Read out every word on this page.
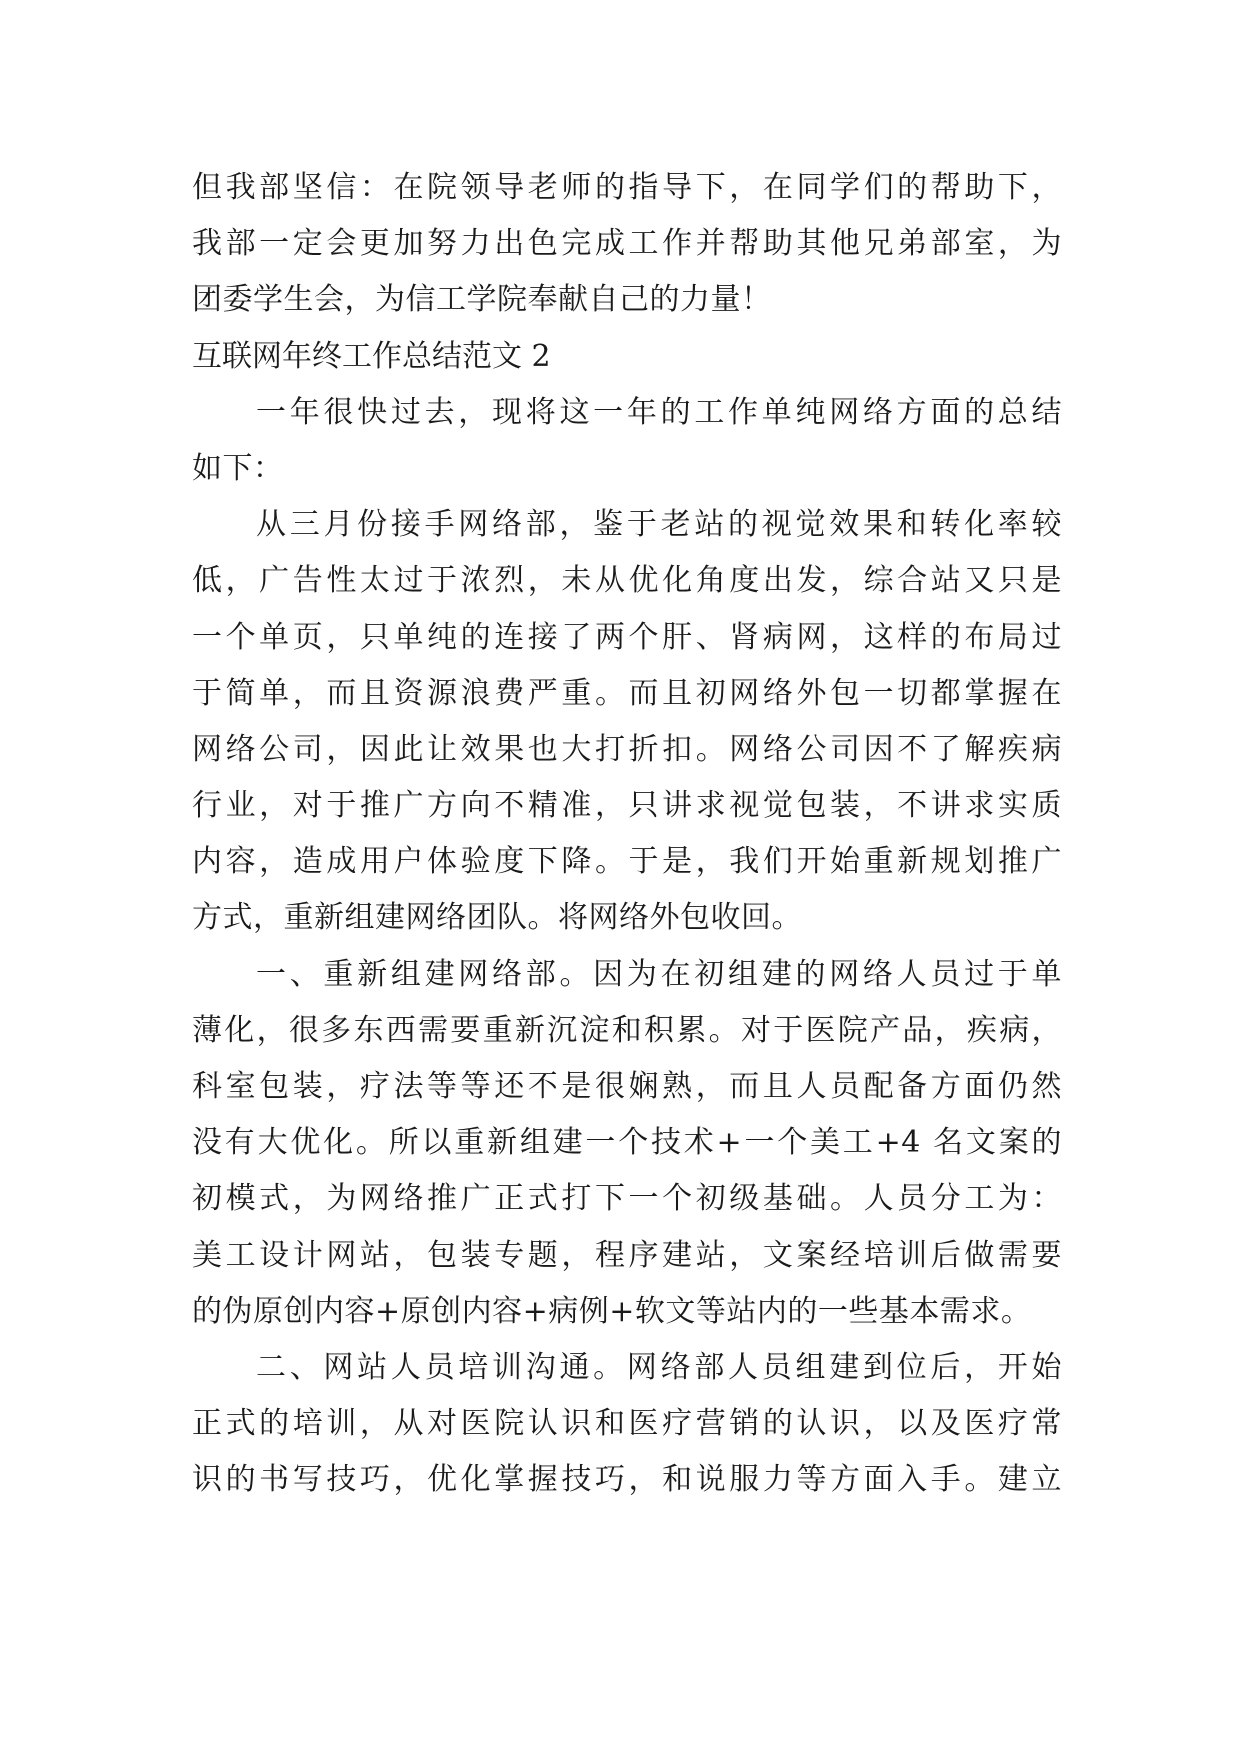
但我部坚信：在院领导老师的指导下，在同学们的帮助下，
我部一定会更加努力出色完成工作并帮助其他兄弟部室，为
团委学生会，为信工学院奉献自己的力量！
互联网年终工作总结范文 2
一年很快过去，现将这一年的工作单纯网络方面的总结
如下：
从三月份接手网络部，鉴于老站的视觉效果和转化率较
低，广告性太过于浓烈，未从优化角度出发，综合站又只是
一个单页，只单纯的连接了两个肝、肾病网，这样的布局过
于简单，而且资源浪费严重。而且初网络外包一切都掌握在
网络公司，因此让效果也大打折扣。网络公司因不了解疾病
行业，对于推广方向不精准，只讲求视觉包装，不讲求实质
内容，造成用户体验度下降。于是，我们开始重新规划推广
方式，重新组建网络团队。将网络外包收回。
一、重新组建网络部。因为在初组建的网络人员过于单
薄化，很多东西需要重新沉淀和积累。对于医院产品，疾病，
科室包装，疗法等等还不是很娴熟，而且人员配备方面仍然
没有大优化。所以重新组建一个技术+一个美工+4 名文案的
初模式，为网络推广正式打下一个初级基础。人员分工为：
美工设计网站，包装专题，程序建站，文案经培训后做需要
的伪原创内容+原创内容+病例+软文等站内的一些基本需求。
二、网站人员培训沟通。网络部人员组建到位后，开始
正式的培训，从对医院认识和医疗营销的认识，以及医疗常
识的书写技巧，优化掌握技巧，和说服力等方面入手。建立
